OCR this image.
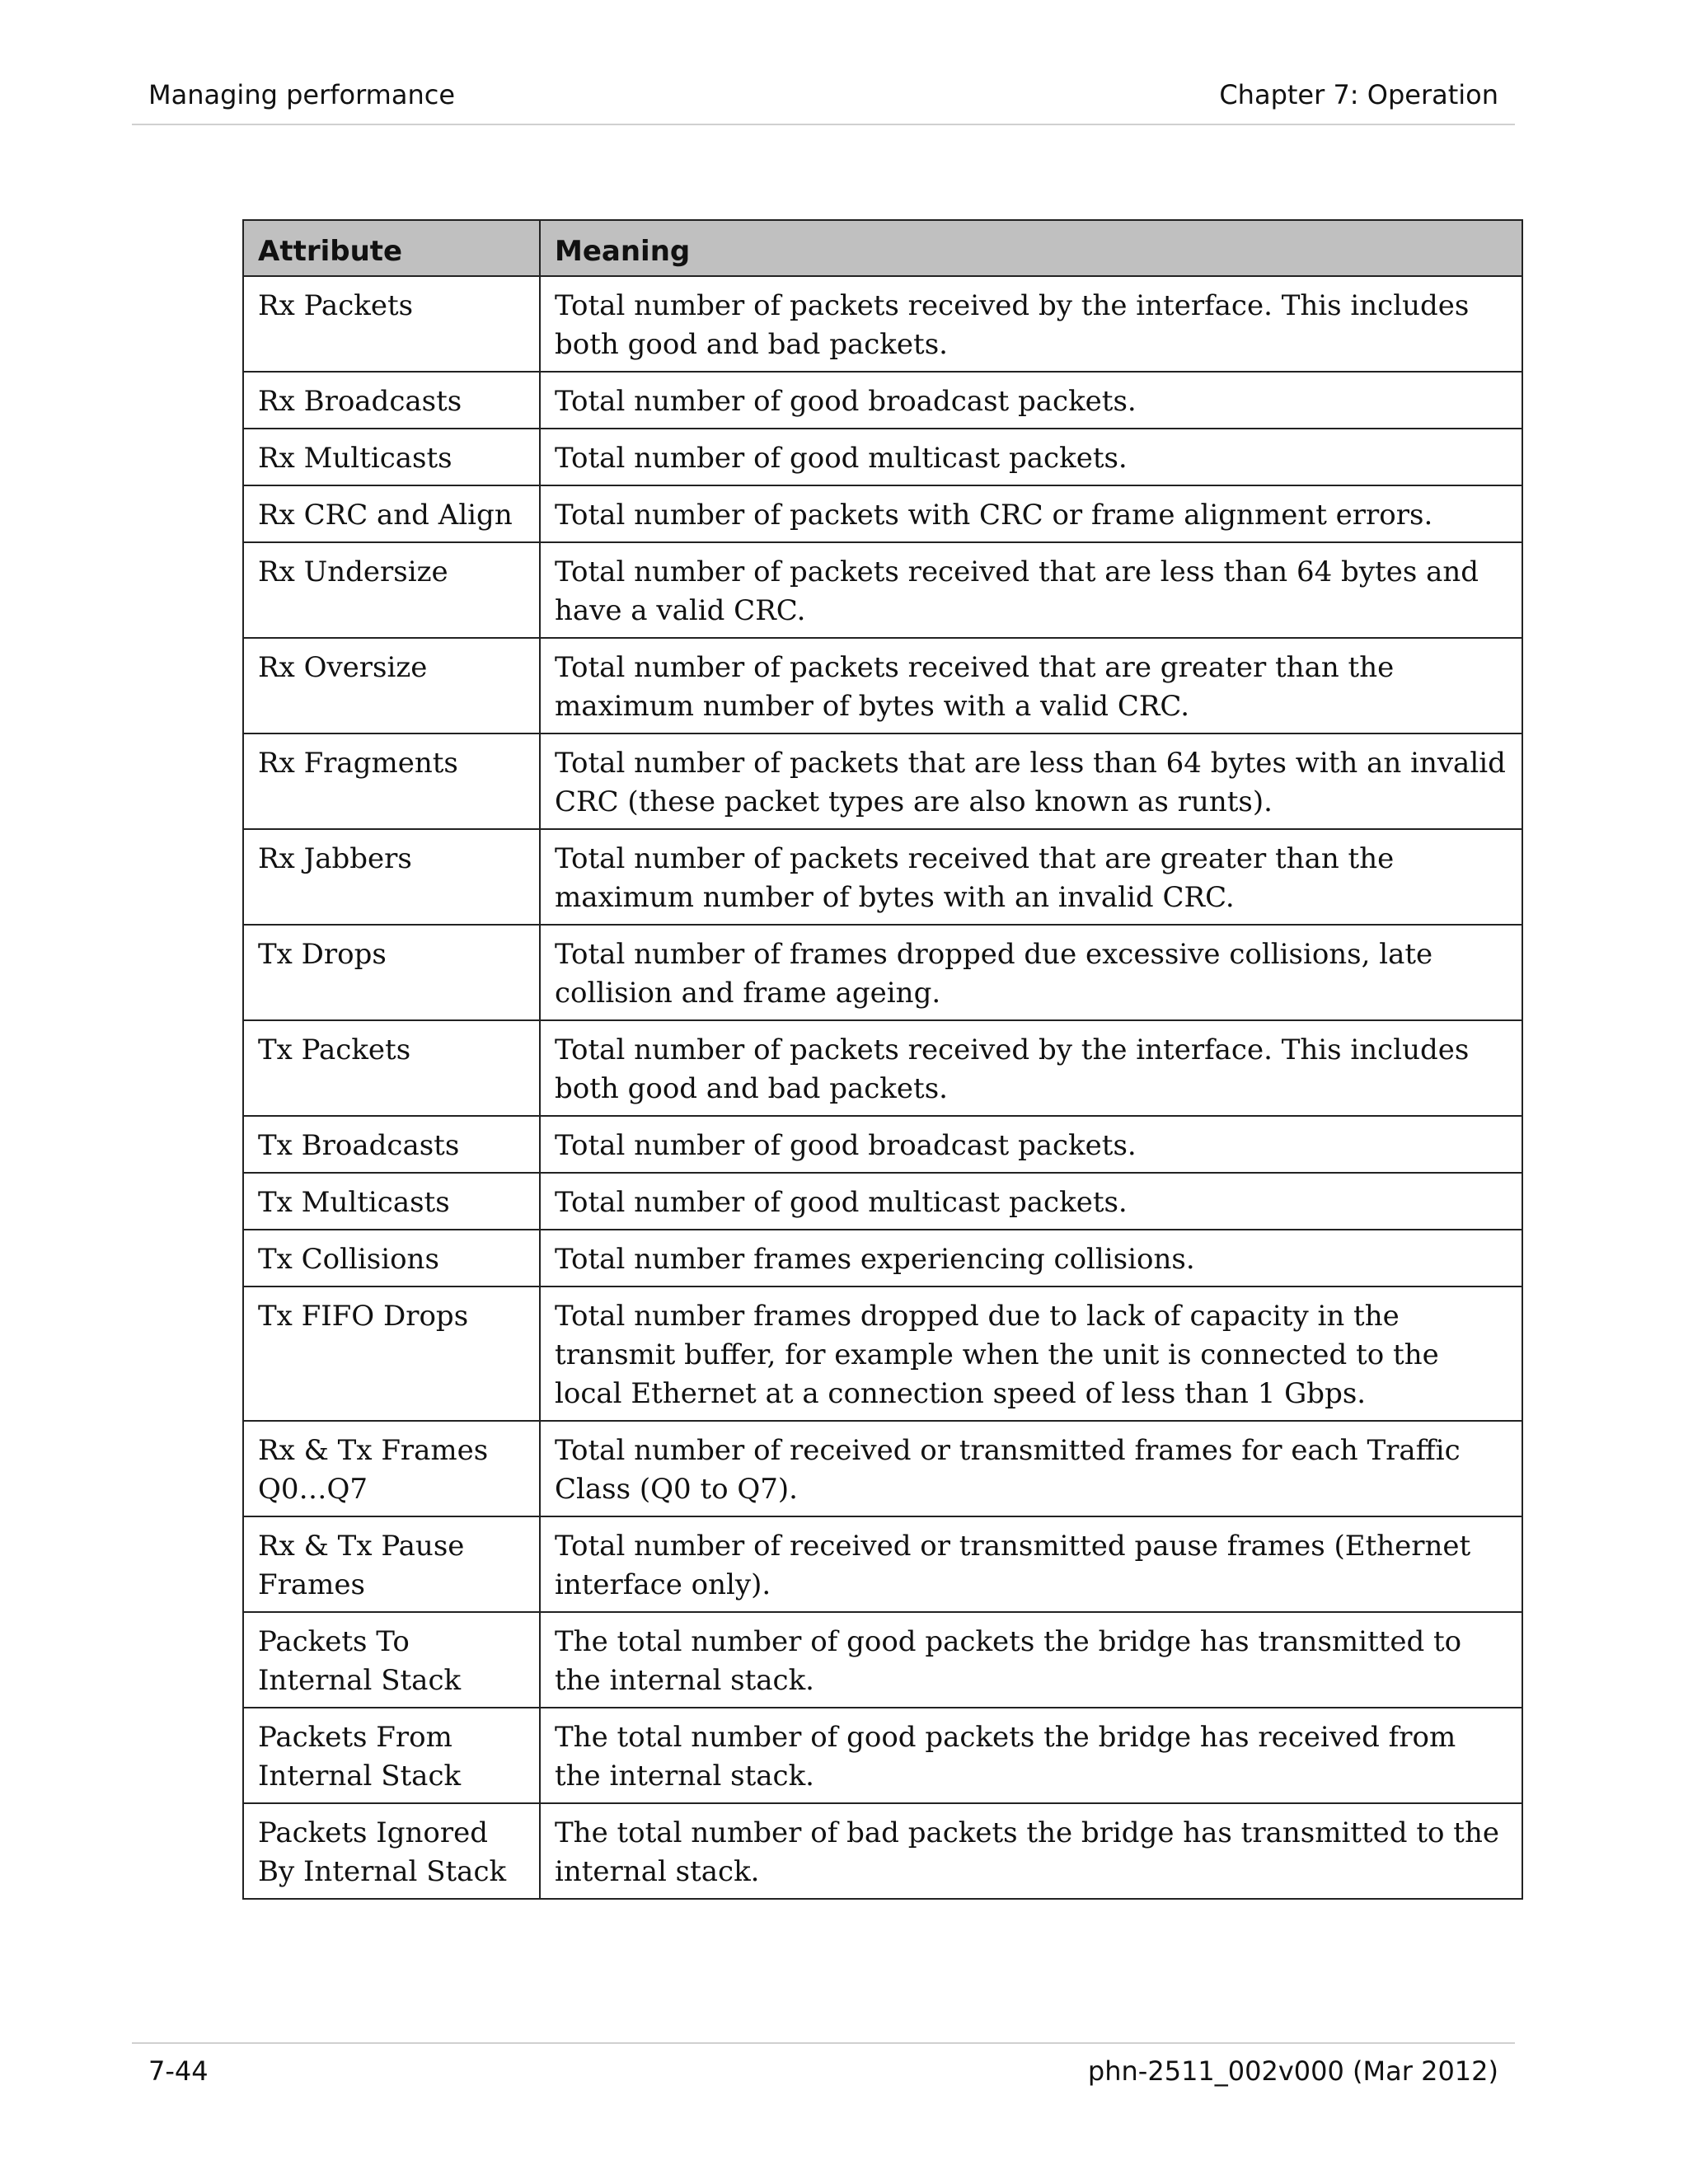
Managing performance	Chapter 7: Operation
Attribute	Meaning
Rx Packets	Total number of packets received by the interface. This includes both good and bad packets.
Rx Broadcasts	Total number of good broadcast packets.
Rx Multicasts	Total number of good multicast packets.
Rx CRC and Align	Total number of packets with CRC or frame alignment errors.
Rx Undersize	Total number of packets received that are less than 64 bytes and have a valid CRC.
Rx Oversize	Total number of packets received that are greater than the maximum number of bytes with a valid CRC.
Rx Fragments	Total number of packets that are less than 64 bytes with an invalid CRC (these packet types are also known as runts).
Rx Jabbers	Total number of packets received that are greater than the maximum number of bytes with an invalid CRC.
Tx Drops	Total number of frames dropped due excessive collisions, late collision and frame ageing.
Tx Packets	Total number of packets received by the interface. This includes both good and bad packets.
Tx Broadcasts	Total number of good broadcast packets.
Tx Multicasts	Total number of good multicast packets.
Tx Collisions	Total number frames experiencing collisions.
Tx FIFO Drops	Total number frames dropped due to lack of capacity in the transmit buffer, for example when the unit is connected to the local Ethernet at a connection speed of less than 1 Gbps.
Rx & Tx Frames Q0…Q7	Total number of received or transmitted frames for each Traffic Class (Q0 to Q7).
Rx & Tx Pause Frames	Total number of received or transmitted pause frames (Ethernet interface only).
Packets To Internal Stack	The total number of good packets the bridge has transmitted to the internal stack.
Packets From Internal Stack	The total number of good packets the bridge has received from the internal stack.
Packets Ignored By Internal Stack	The total number of bad packets the bridge has transmitted to the internal stack.
7-44	phn-2511_002v000 (Mar 2012)
